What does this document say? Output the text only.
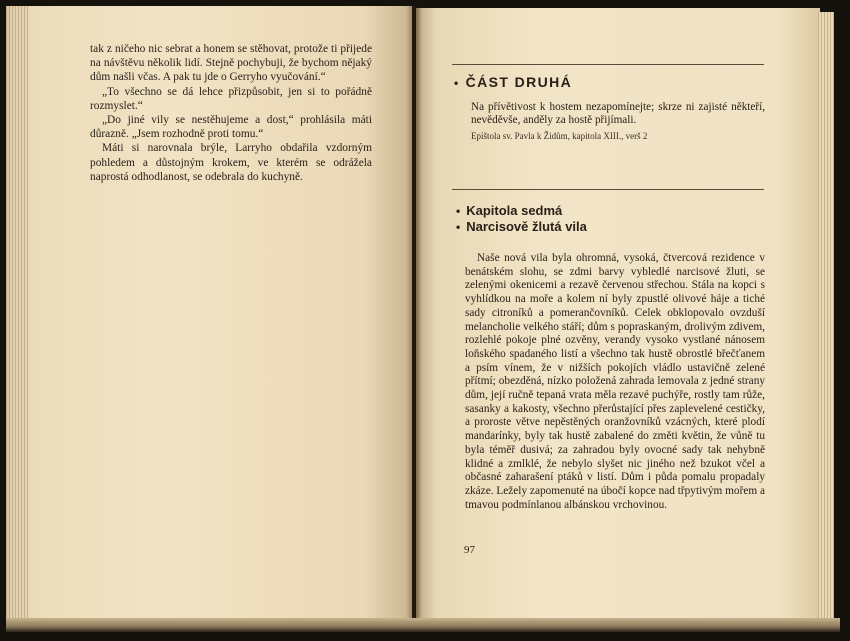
tak z ničeho nic sebrat a honem se stěhovat, protože ti přijede na návštěvu několik lidí. Stejně pochybuji, že bychom nějaký dům našli včas. A pak tu jde o Gerryho vyučování.“

„To všechno se dá lehce přizpůsobit, jen si to pořádně rozmyslet.“

„Do jiné vily se nestěhujeme a dost,“ prohlásila máti důrazně. „Jsem rozhodně proti tomu.“

Máti si narovnala brýle, Larryho obdařila vzdorným pohledem a důstojným krokem, ve kterém se odrážela naprostá odhodlanost, se odebrala do kuchyně.

• ČÁST DRUHÁ
Na přívětivost k hostem nezapomínejte; skrze ni zajisté někteří, nevěděvše, anděly za hostě přijímali.
Epištola sv. Pavla k Židům, kapitola XIII., verš 2
• Kapitola sedmá
• Narcisově žlutá vila

Naše nová vila byla ohromná, vysoká, čtvercová rezidence v benátském slohu, se zdmi barvy vybledlé narcisové žluti, se zelenými okenicemi a rezavě červenou střechou. Stála na kopci s vyhlídkou na moře a kolem ní byly zpustlé olivové háje a tiché sady citroníků a pomerančovníků. Celek obklopovalo ovzduší melancholie velkého stáří; dům s popraskaným, drolivým zdivem, rozlehlé pokoje plné ozvěny, verandy vysoko vystlané nánosem loňského spadaného listí a všechno tak hustě obrostlé břečťanem a psím vínem, že v nižších pokojích vládlo ustavičně zelené přítmí; obezděná, nízko položená zahrada lemovala z jedné strany dům, její ručně tepaná vrata měla rezavé puchýře, rostly tam růže, sasanky a kakosty, všechno přerůstající přes zaplevelené cestičky, a proroste větve nepěstěných oranžovníků vzácných, které plodí mandarínky, byly tak hustě zabalené do změti květin, že vůně tu byla téměř dusivá; za zahradou byly ovocné sady tak nehybně klidné a zmlklé, že nebylo slyšet nic jiného než bzukot včel a občasné zaharašení ptáků v listí. Dům i půda pomalu propadaly zkáze. Ležely zapomenuté na úbočí kopce nad třpytivým mořem a tmavou podmínlanou albánskou vrchovinou.

97
